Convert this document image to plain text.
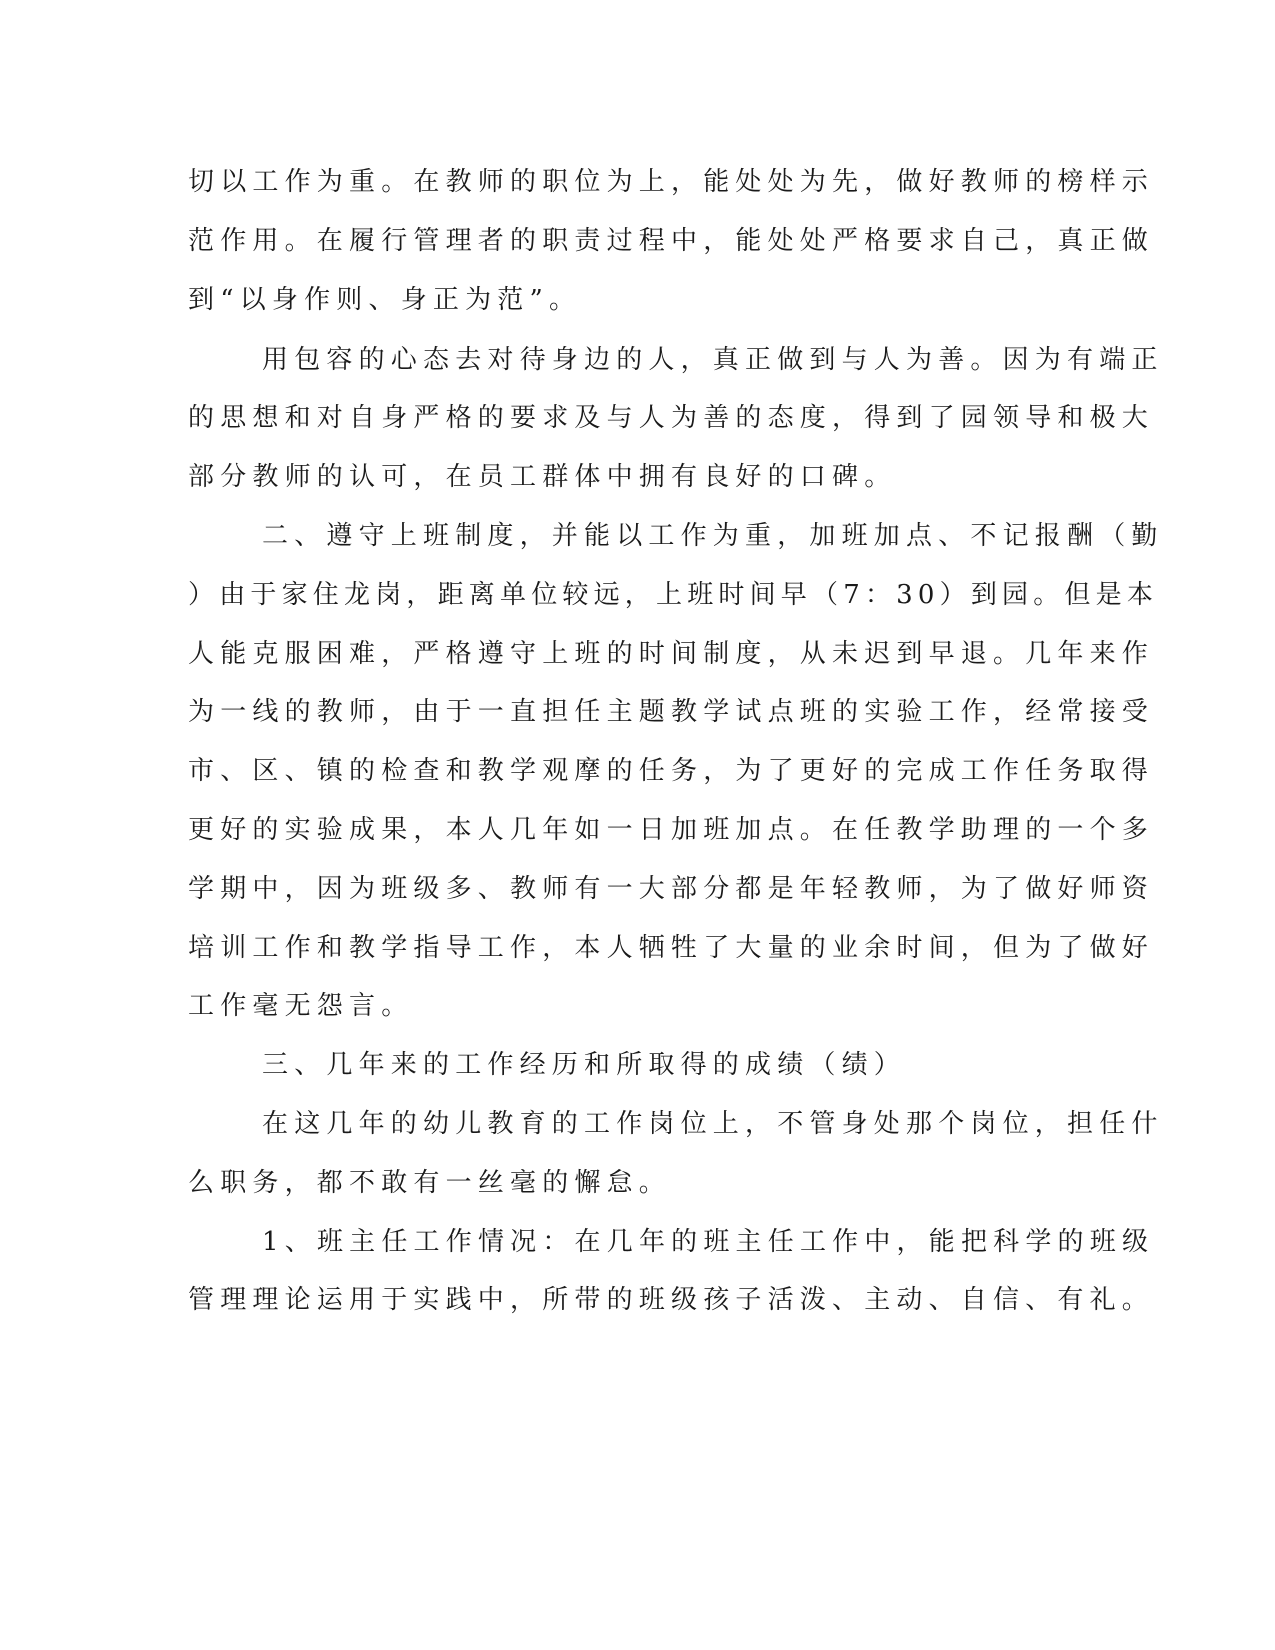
切以工作为重。在教师的职位为上，能处处为先，做好教师的榜样示
范作用。在履行管理者的职责过程中，能处处严格要求自己，真正做
到“以身作则、身正为范”。
用包容的心态去对待身边的人，真正做到与人为善。因为有端正
的思想和对自身严格的要求及与人为善的态度，得到了园领导和极大
部分教师的认可，在员工群体中拥有良好的口碑。
二、遵守上班制度，并能以工作为重，加班加点、不记报酬（勤
）由于家住龙岗，距离单位较远，上班时间早（7：30）到园。但是本
人能克服困难，严格遵守上班的时间制度，从未迟到早退。几年来作
为一线的教师，由于一直担任主题教学试点班的实验工作，经常接受
市、区、镇的检查和教学观摩的任务，为了更好的完成工作任务取得
更好的实验成果，本人几年如一日加班加点。在任教学助理的一个多
学期中，因为班级多、教师有一大部分都是年轻教师，为了做好师资
培训工作和教学指导工作，本人牺牲了大量的业余时间，但为了做好
工作毫无怨言。
三、几年来的工作经历和所取得的成绩（绩）
在这几年的幼儿教育的工作岗位上，不管身处那个岗位，担任什
么职务，都不敢有一丝毫的懈怠。
1、班主任工作情况：在几年的班主任工作中，能把科学的班级
管理理论运用于实践中，所带的班级孩子活泼、主动、自信、有礼。
